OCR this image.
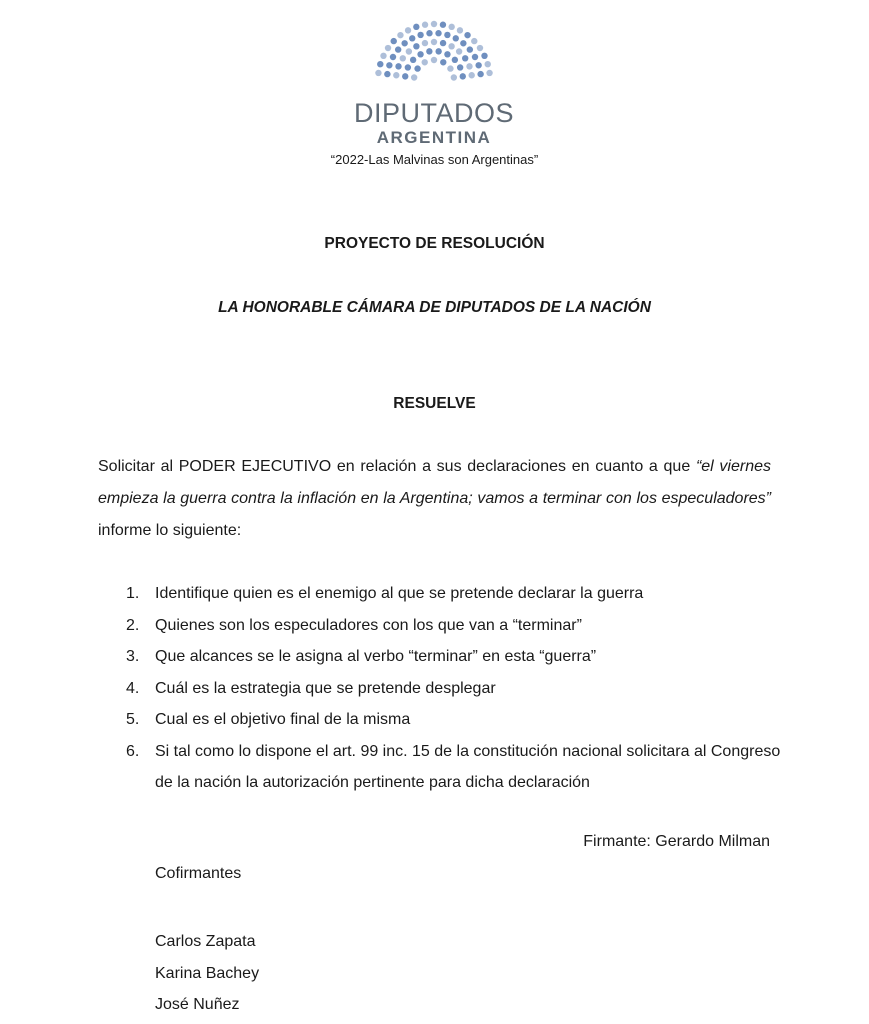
DIPUTADOS
ARGENTINA
“2022-Las Malvinas son Argentinas”
PROYECTO DE RESOLUCIÓN
LA HONORABLE CÁMARA DE DIPUTADOS DE LA NACIÓN
RESUELVE

Solicitar al PODER EJECUTIVO en relación a sus declaraciones en cuanto a que “el viernes empieza la guerra contra la inflación en la Argentina; vamos a terminar con los especuladores” informe lo siguiente:

1. Identifique quien es el enemigo al que se pretende declarar la guerra
2. Quienes son los especuladores con los que van a “terminar”
3. Que alcances se le asigna al verbo “terminar” en esta “guerra”
4. Cuál es la estrategia que se pretende desplegar
5. Cual es el objetivo final de la misma
6. Si tal como lo dispone el art. 99 inc. 15 de la constitución nacional solicitara al Congreso de la nación la autorización pertinente para dicha declaración
Firmante: Gerardo Milman
Cofirmantes
Carlos Zapata
Karina Bachey
José Nuñez
